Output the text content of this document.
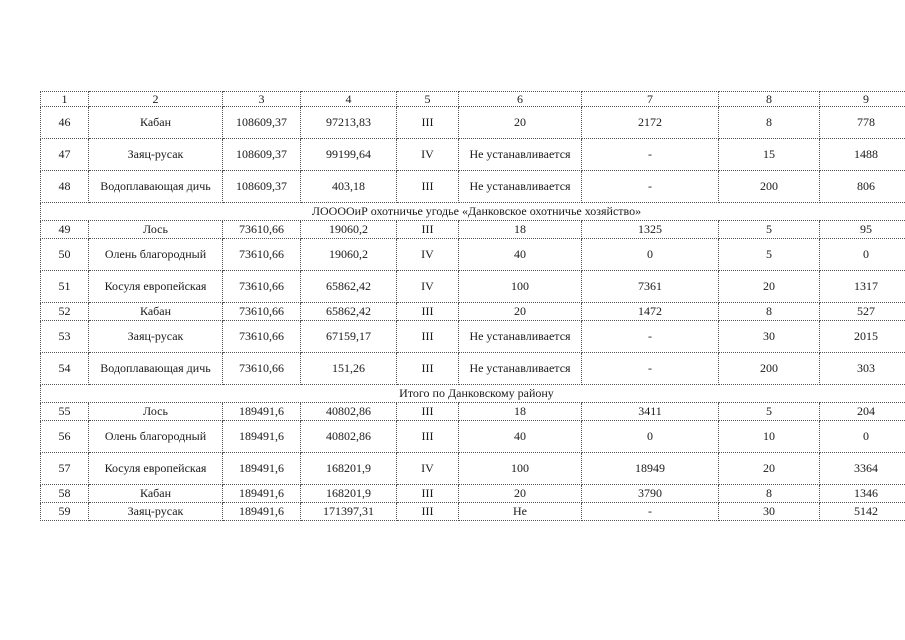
1	2	3	4	5	6	7	8	9
46	Кабан	108609,37	97213,83	III	20	2172	8	778
47	Заяц-русак	108609,37	99199,64	IV	Не устанавливается	-	15	1488
48	Водоплавающая дичь	108609,37	403,18	III	Не устанавливается	-	200	806
ЛООООиР охотничье угодье «Данковское охотничье хозяйство»								
49	Лось	73610,66	19060,2	III	18	1325	5	95
50	Олень благородный	73610,66	19060,2	IV	40	0	5	0
51	Косуля европейская	73610,66	65862,42	IV	100	7361	20	1317
52	Кабан	73610,66	65862,42	III	20	1472	8	527
53	Заяц-русак	73610,66	67159,17	III	Не устанавливается	-	30	2015
54	Водоплавающая дичь	73610,66	151,26	III	Не устанавливается	-	200	303
Итого по Данковскому району								
55	Лось	189491,6	40802,86	III	18	3411	5	204
56	Олень благородный	189491,6	40802,86	III	40	0	10	0
57	Косуля европейская	189491,6	168201,9	IV	100	18949	20	3364
58	Кабан	189491,6	168201,9	III	20	3790	8	1346
59	Заяц-русак	189491,6	171397,31	III	Не	-	30	5142
